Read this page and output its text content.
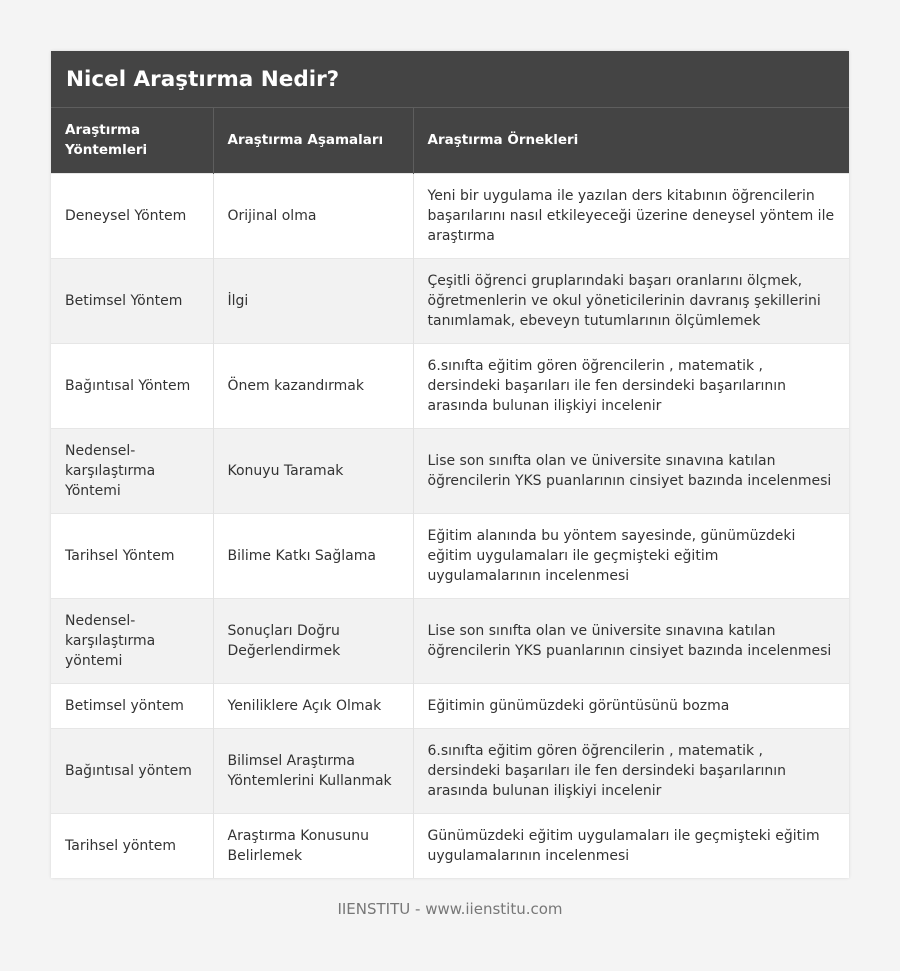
Nicel Araştırma Nedir?
Araştırma Yöntemleri	Araştırma Aşamaları	Araştırma Örnekleri
Deneysel Yöntem	Orijinal olma	Yeni bir uygulama ile yazılan ders kitabının öğrencilerin başarılarını nasıl etkileyeceği üzerine deneysel yöntem ile araştırma
Betimsel Yöntem	İlgi	Çeşitli öğrenci gruplarındaki başarı oranlarını ölçmek, öğretmenlerin ve okul yöneticilerinin davranış şekillerini tanımlamak, ebeveyn tutumlarının ölçümlemek
Bağıntısal Yöntem	Önem kazandırmak	6.sınıfta eğitim gören öğrencilerin , matematik , dersindeki başarıları ile fen dersindeki başarılarının arasında bulunan ilişkiyi incelenir
Nedensel-karşılaştırma Yöntemi	Konuyu Taramak	Lise son sınıfta olan ve üniversite sınavına katılan öğrencilerin YKS puanlarının cinsiyet bazında incelenmesi
Tarihsel Yöntem	Bilime Katkı Sağlama	Eğitim alanında bu yöntem sayesinde, günümüzdeki eğitim uygulamaları ile geçmişteki eğitim uygulamalarının incelenmesi
Nedensel-karşılaştırma yöntemi	Sonuçları Doğru Değerlendirmek	Lise son sınıfta olan ve üniversite sınavına katılan öğrencilerin YKS puanlarının cinsiyet bazında incelenmesi
Betimsel yöntem	Yeniliklere Açık Olmak	Eğitimin günümüzdeki görüntüsünü bozma
Bağıntısal yöntem	Bilimsel Araştırma Yöntemlerini Kullanmak	6.sınıfta eğitim gören öğrencilerin , matematik , dersindeki başarıları ile fen dersindeki başarılarının arasında bulunan ilişkiyi incelenir
Tarihsel yöntem	Araştırma Konusunu Belirlemek	Günümüzdeki eğitim uygulamaları ile geçmişteki eğitim uygulamalarının incelenmesi
IIENSTITU - www.iienstitu.com
